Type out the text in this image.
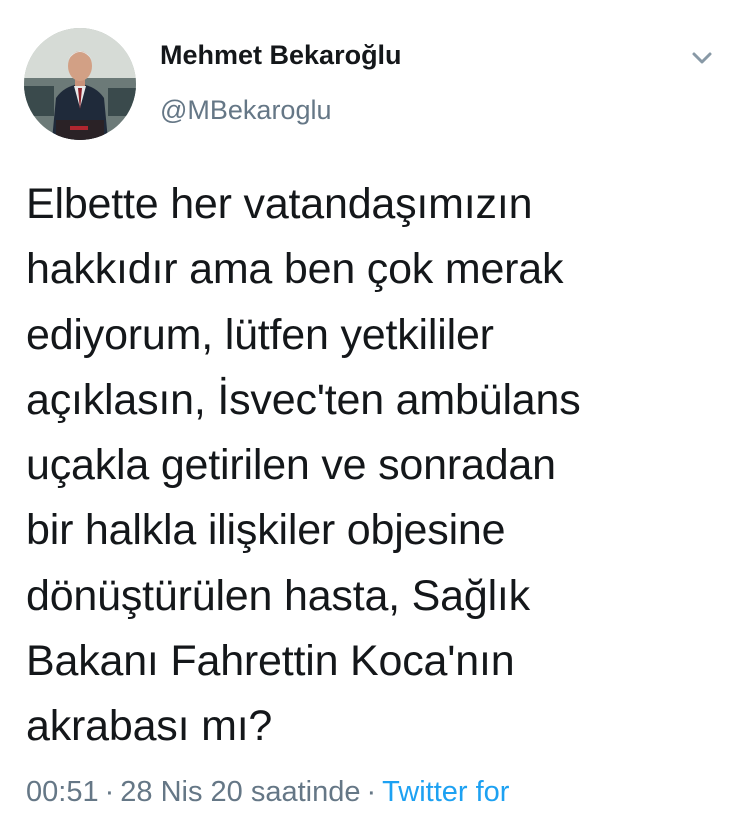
Mehmet Bekaroğlu
@MBekaroglu

Elbette her vatandaşımızın
hakkıdır ama ben çok merak
ediyorum, lütfen yetkililer
açıklasın, İsvec'ten ambülans
uçakla getirilen ve sonradan
bir halkla ilişkiler objesine
dönüştürülen hasta, Sağlık
Bakanı Fahrettin Koca'nın
akrabası mı?

00:51 · 28 Nis 20 saatinde · Twitter for
